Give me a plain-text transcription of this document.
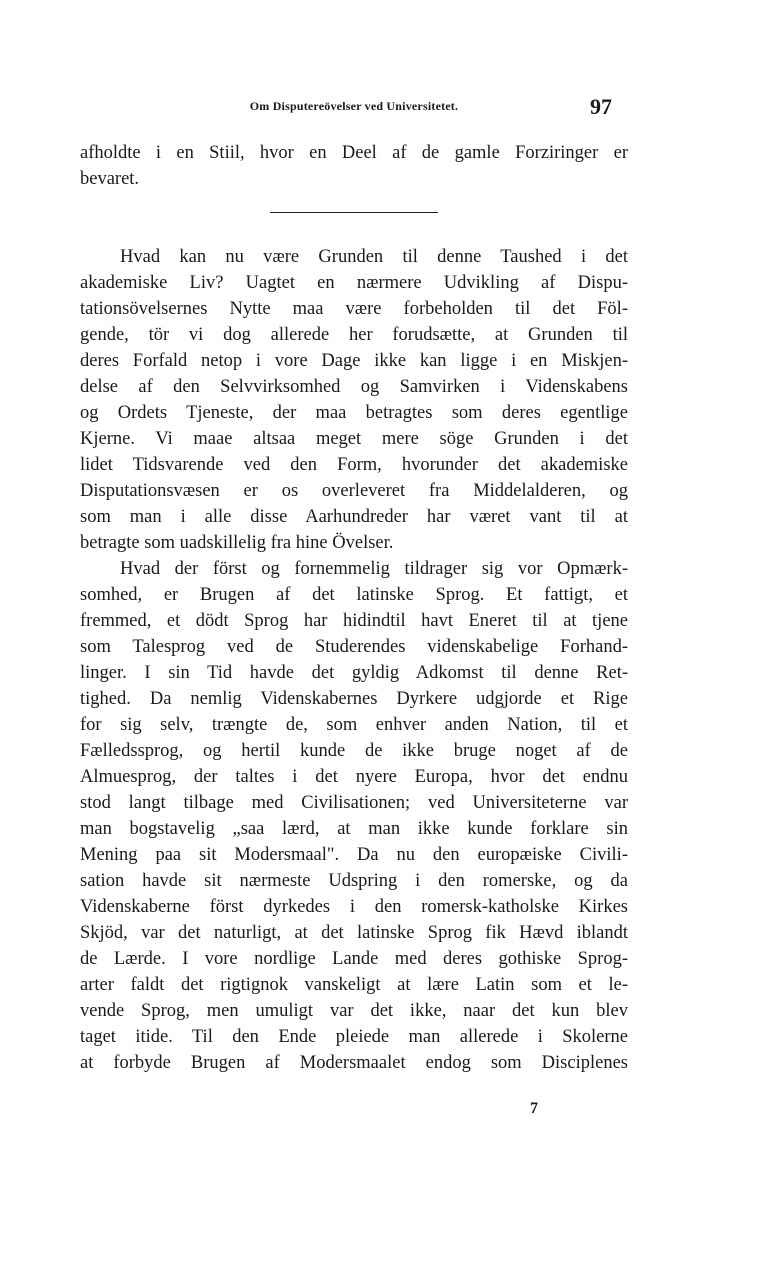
Om Disputereövelser ved Universitetet.	97
afholdte i en Stiil, hvor en Deel af de gamle Forziringer er
bevaret.
Hvad kan nu være Grunden til denne Taushed i det
akademiske Liv? Uagtet en nærmere Udvikling af Dispu-
tationsövelsernes Nytte maa være forbeholden til det Föl-
gende, tör vi dog allerede her forudsætte, at Grunden til
deres Forfald netop i vore Dage ikke kan ligge i en Miskjen-
delse af den Selvvirksomhed og Samvirken i Videnskabens
og Ordets Tjeneste, der maa betragtes som deres egentlige
Kjerne. Vi maae altsaa meget mere söge Grunden i det
lidet Tidsvarende ved den Form, hvorunder det akademiske
Disputationsvæsen er os overleveret fra Middelalderen, og
som man i alle disse Aarhundreder har været vant til at
betragte som uadskillelig fra hine Övelser.
Hvad der först og fornemmelig tildrager sig vor Opmærk-
somhed, er Brugen af det latinske Sprog. Et fattigt, et
fremmed, et dödt Sprog har hidindtil havt Eneret til at tjene
som Talesprog ved de Studerendes videnskabelige Forhand-
linger. I sin Tid havde det gyldig Adkomst til denne Ret-
tighed. Da nemlig Videnskabernes Dyrkere udgjorde et Rige
for sig selv, trængte de, som enhver anden Nation, til et
Fælledssprog, og hertil kunde de ikke bruge noget af de
Almuesprog, der taltes i det nyere Europa, hvor det endnu
stod langt tilbage med Civilisationen; ved Universiteterne var
man bogstavelig „saa lærd, at man ikke kunde forklare sin
Mening paa sit Modersmaal". Da nu den europæiske Civili-
sation havde sit nærmeste Udspring i den romerske, og da
Videnskaberne först dyrkedes i den romersk-katholske Kirkes
Skjöd, var det naturligt, at det latinske Sprog fik Hævd iblandt
de Lærde. I vore nordlige Lande med deres gothiske Sprog-
arter faldt det rigtignok vanskeligt at lære Latin som et le-
vende Sprog, men umuligt var det ikke, naar det kun blev
taget itide. Til den Ende pleiede man allerede i Skolerne
at forbyde Brugen af Modersmaalet endog som Disciplenes
7
